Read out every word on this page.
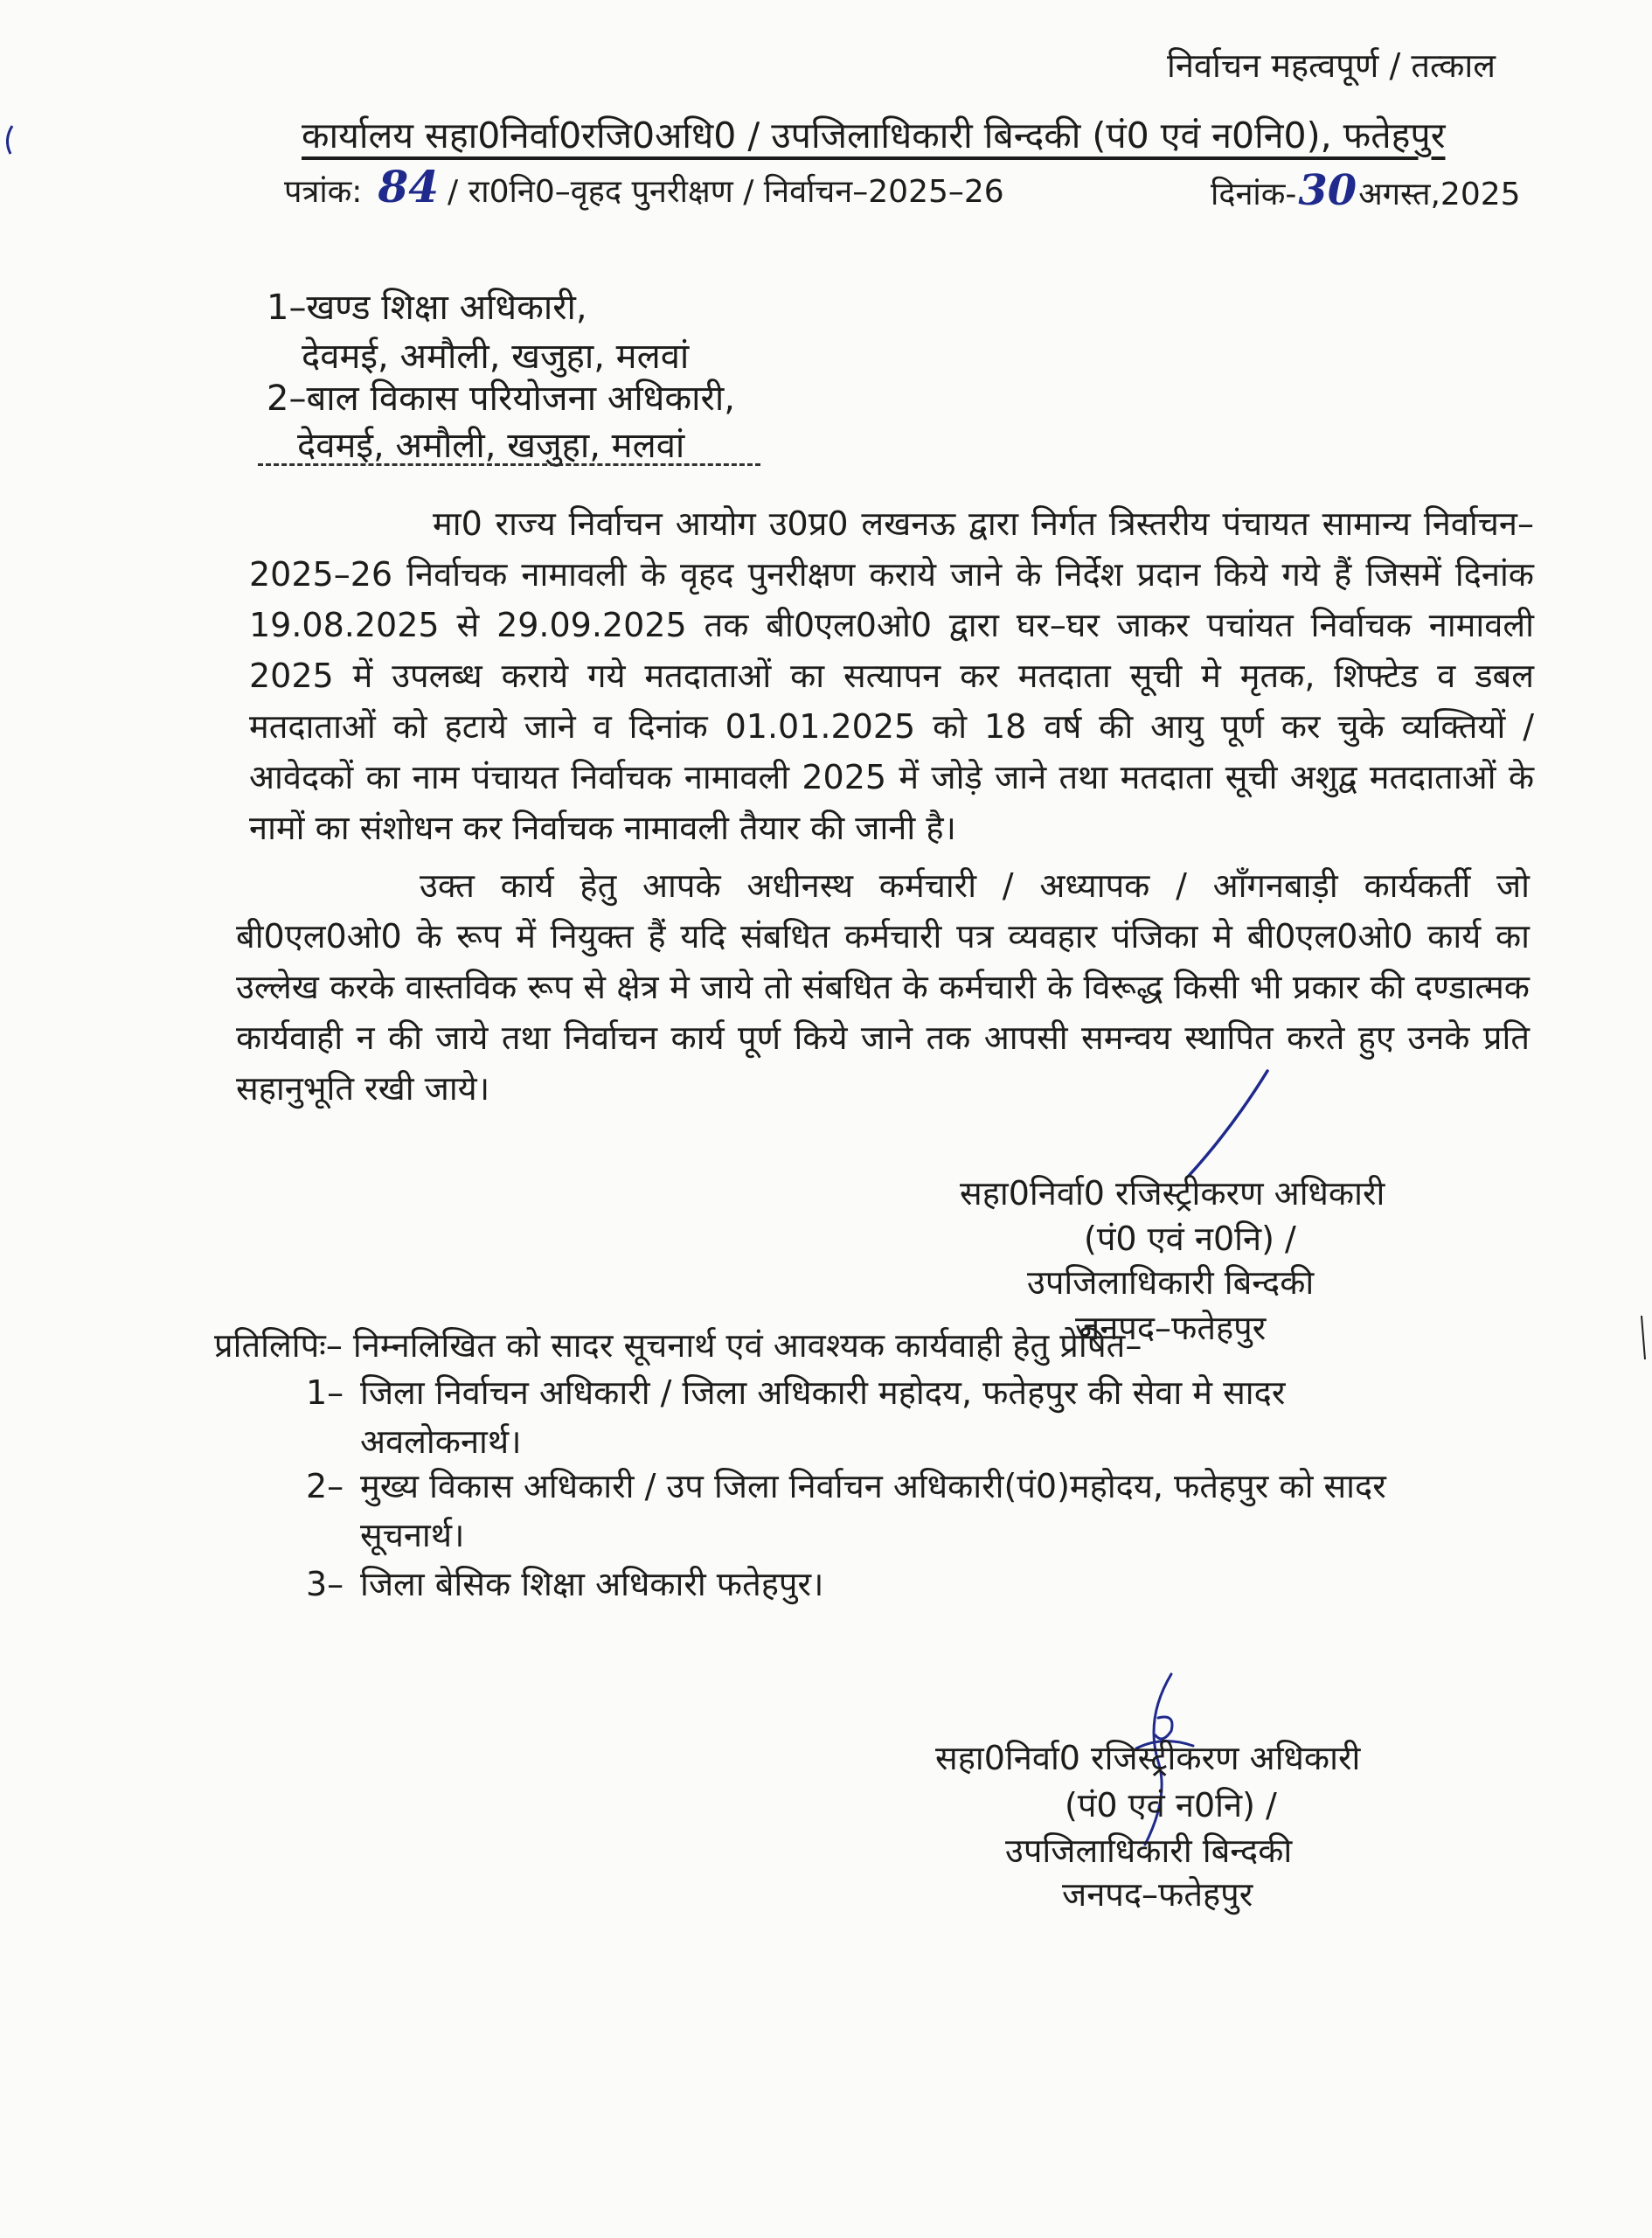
निर्वाचन महत्वपूर्ण / तत्काल
कार्यालय सहा0निर्वा0रजि0अधि0 / उपजिलाधिकारी बिन्दकी (पं0 एवं न0नि0), फतेहपुर
पत्रांक: 84 / रा0नि0–वृहद पुनरीक्षण / निर्वाचन–2025–26	दिनांक-30अगस्त,2025
1–खण्ड शिक्षा अधिकारी,
देवमई, अमौली, खजुहा, मलवां
2–बाल विकास परियोजना अधिकारी,
देवमई, अमौली, खजुहा, मलवां
मा0 राज्य निर्वाचन आयोग उ0प्र0 लखनऊ द्वारा निर्गत त्रिस्तरीय पंचायत सामान्य निर्वाचन–2025–26 निर्वाचक नामावली के वृहद पुनरीक्षण कराये जाने के निर्देश प्रदान किये गये हैं जिसमें दिनांक 19.08.2025 से 29.09.2025 तक बी0एल0ओ0 द्वारा घर–घर जाकर पचांयत निर्वाचक नामावली 2025 में उपलब्ध कराये गये मतदाताओं का सत्यापन कर मतदाता सूची मे मृतक, शिफ्टेड व डबल मतदाताओं को हटाये जाने व दिनांक 01.01.2025 को 18 वर्ष की आयु पूर्ण कर चुके व्यक्तियों / आवेदकों का नाम पंचायत निर्वाचक नामावली 2025 में जोड़े जाने तथा मतदाता सूची अशुद्व मतदाताओं के नामों का संशोधन कर निर्वाचक नामावली तैयार की जानी है।
उक्त कार्य हेतु आपके अधीनस्थ कर्मचारी / अध्यापक / आँगनबाड़ी कार्यकर्ती जो बी0एल0ओ0 के रूप में नियुक्त हैं यदि संबधित कर्मचारी पत्र व्यवहार पंजिका मे बी0एल0ओ0 कार्य का उल्लेख करके वास्तविक रूप से क्षेत्र मे जाये तो संबधित के कर्मचारी के विरूद्ध किसी भी प्रकार की दण्डात्मक कार्यवाही न की जाये तथा निर्वाचन कार्य पूर्ण किये जाने तक आपसी समन्वय स्थापित करते हुए उनके प्रति सहानुभूति रखी जाये।
सहा0निर्वा0 रजिस्ट्रीकरण अधिकारी
(पं0 एवं न0नि) /
उपजिलाधिकारी बिन्दकी
जनपद–फतेहपुर
प्रतिलिपिः– निम्नलिखित को सादर सूचनार्थ एवं आवश्यक कार्यवाही हेतु प्रेषित–
1– जिला निर्वाचन अधिकारी / जिला अधिकारी महोदय, फतेहपुर की सेवा मे सादर अवलोकनार्थ।
2– मुख्य विकास अधिकारी / उप जिला निर्वाचन अधिकारी(पं0)महोदय, फतेहपुर को सादर सूचनार्थ।
3– जिला बेसिक शिक्षा अधिकारी फतेहपुर।
सहा0निर्वा0 रजिस्ट्रीकरण अधिकारी
(पं0 एवं न0नि) /
उपजिलाधिकारी बिन्दकी
जनपद–फतेहपुर
